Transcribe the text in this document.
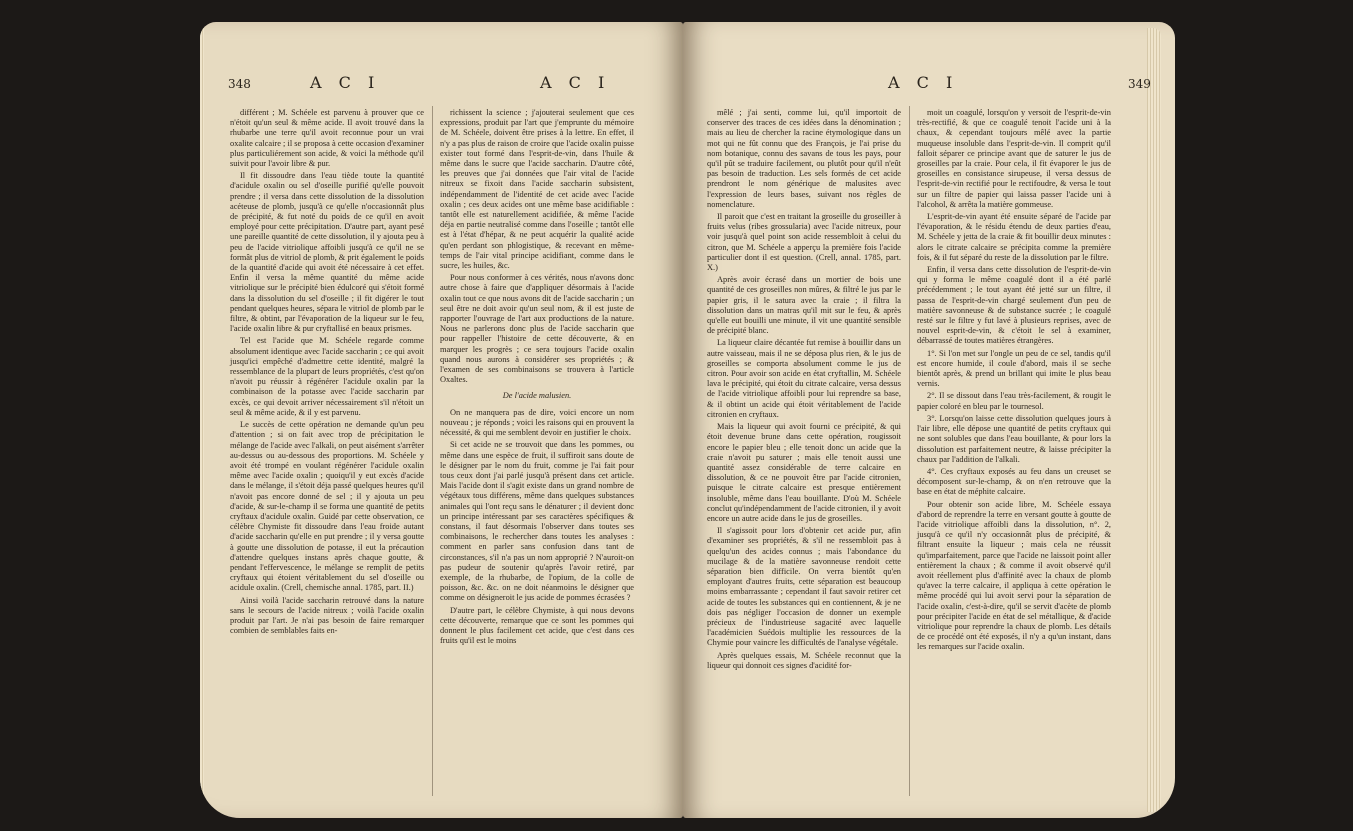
348	A C I	A C I

différent ; M. Schéele est parvenu à prouver que ce n'étoit qu'un seul & même acide. Il avoit trouvé dans la rhubarbe une terre qu'il avoit reconnue pour un vrai oxalite calcaire ; il se proposa à cette occasion d'examiner plus particuliérement son acide, & voici la méthode qu'il suivit pour l'avoir libre & pur.

Il fit dissoudre dans l'eau tiède toute la quantité d'acidule oxalin ou sel d'oseille purifié qu'elle pouvoit prendre ; il versa dans cette dissolution de la dissolution acéteuse de plomb, jusqu'à ce qu'elle n'occasionnât plus de précipité, & fut noté du poids de ce qu'il en avoit employé pour cette précipitation. D'autre part, ayant pesé une pareille quantité de cette dissolution, il y ajouta peu à peu de l'acide vitriolique affoibli jusqu'à ce qu'il ne se formât plus de vitriol de plomb, & prit également le poids de la quantité d'acide qui avoit été nécessaire à cet effet. Enfin il versa la même quantité du même acide vitriolique sur le précipité bien édulcoré qui s'étoit formé dans la dissolution du sel d'oseille ; il fit digérer le tout pendant quelques heures, sépara le vitriol de plomb par le filtre, & obtint, par l'évaporation de la liqueur sur le feu, l'acide oxalin libre & pur cryftallisé en beaux prismes.

Tel est l'acide que M. Schéele regarde comme absolument identique avec l'acide saccharin ; ce qui avoit jusqu'ici empêché d'admettre cette identité, malgré la ressemblance de la plupart de leurs propriétés, c'est qu'on n'avoit pu réussir à régénérer l'acidule oxalin par la combinaison de la potasse avec l'acide saccharin par excès, ce qui devoit arriver nécessairement s'il n'étoit un seul & même acide, & il y est parvenu.

Le succès de cette opération ne demande qu'un peu d'attention ; si on fait avec trop de précipitation le mélange de l'acide avec l'alkali, on peut aisément s'arrêter au-dessus ou au-dessous des proportions. M. Schéele y avoit été trompé en voulant régénérer l'acidule oxalin même avec l'acide oxalin ; quoiqu'il y eut excès d'acide dans le mélange, il s'étoit déja passé quelques heures qu'il n'avoit pas encore donné de sel ; il y ajouta un peu d'acide, & sur-le-champ il se forma une quantité de petits cryftaux d'acidule oxalin. Guidé par cette observation, ce célèbre Chymiste fit dissoudre dans l'eau froide autant d'acide saccharin qu'elle en put prendre ; il y versa goutte à goutte une dissolution de potasse, il eut la précaution d'attendre quelques instans après chaque goutte, & pendant l'effervescence, le mélange se remplit de petits cryftaux qui étoient véritablement du sel d'oseille ou acidule oxalin. (Crell, chemische annal. 1785, part. II.)

Ainsi voilà l'acide saccharin retrouvé dans la nature sans le secours de l'acide nitreux ; voilà l'acide oxalin produit par l'art. Je n'ai pas besoin de faire remarquer combien de semblables faits en-

richissent la science ; j'ajouterai seulement que ces expressions, produit par l'art que j'emprunte du mémoire de M. Schéele, doivent être prises à la lettre. En effet, il n'y a pas plus de raison de croire que l'acide oxalin puisse exister tout formé dans l'esprit-de-vin, dans l'huile & même dans le sucre que l'acide saccharin. D'autre côté, les preuves que j'ai données que l'air vital de l'acide nitreux se fixoit dans l'acide saccharin subsistent, indépendamment de l'identité de cet acide avec l'acide oxalin ; ces deux acides ont une même base acidifiable : tantôt elle est naturellement acidifiée, & même l'acide déja en partie neutralisé comme dans l'oseille ; tantôt elle est à l'état d'hépar, & ne peut acquérir la qualité acide qu'en perdant son phlogistique, & recevant en même-temps de l'air vital principe acidifiant, comme dans le sucre, les huiles, &c.

Pour nous conformer à ces vérités, nous n'avons donc autre chose à faire que d'appliquer désormais à l'acide oxalin tout ce que nous avons dit de l'acide saccharin ; un seul être ne doit avoir qu'un seul nom, & il est juste de rapporter l'ouvrage de l'art aux productions de la nature. Nous ne parlerons donc plus de l'acide saccharin que pour rappeller l'histoire de cette découverte, & en marquer les progrès ; ce sera toujours l'acide oxalin quand nous aurons à considérer ses propriétés ; & l'examen de ses combinaisons se trouvera à l'article Oxaltes.

De l'acide malusien.

On ne manquera pas de dire, voici encore un nom nouveau ; je réponds ; voici les raisons qui en prouvent la nécessité, & qui me semblent devoir en justifier le choix.

Si cet acide ne se trouvoit que dans les pommes, ou même dans une espèce de fruit, il suffiroit sans doute de le désigner par le nom du fruit, comme je l'ai fait pour tous ceux dont j'ai parlé jusqu'à présent dans cet article. Mais l'acide dont il s'agit existe dans un grand nombre de végétaux tous différens, même dans quelques substances animales qui l'ont reçu sans le dénaturer ; il devient donc un principe intéressant par ses caractères spécifiques & constans, il faut désormais l'observer dans toutes ses combinaisons, le rechercher dans toutes les analyses : comment en parler sans confusion dans tant de circonstances, s'il n'a pas un nom approprié ? N'auroit-on pas pudeur de soutenir qu'après l'avoir retiré, par exemple, de la rhubarbe, de l'opium, de la colle de poisson, &c. &c. on ne doit néanmoins le désigner que comme on désigneroit le jus acide de pommes écrasées ?

D'autre part, le célèbre Chymiste, à qui nous devons cette découverte, remarque que ce sont les pommes qui donnent le plus facilement cet acide, que c'est dans ces fruits qu'il est le moins

A C I	349

mêlé ; j'ai senti, comme lui, qu'il importoit de conserver des traces de ces idées dans la dénomination ; mais au lieu de chercher la racine étymologique dans un mot qui ne fût connu que des François, je l'ai prise du nom botanique, connu des savans de tous les pays, pour qu'il pût se traduire facilement, ou plutôt pour qu'il n'eût pas besoin de traduction. Les sels formés de cet acide prendront le nom générique de malusites avec l'expression de leurs bases, suivant nos règles de nomenclature.

Il paroit que c'est en traitant la groseille du groseiller à fruits velus (ribes grossularia) avec l'acide nitreux, pour voir jusqu'à quel point son acide ressembloit à celui du citron, que M. Schéele a apperçu la première fois l'acide particulier dont il est question. (Crell, annal. 1785, part. X.)

Après avoir écrasé dans un mortier de bois une quantité de ces groseilles non mûres, & filtré le jus par le papier gris, il le satura avec la craie ; il filtra la dissolution dans un matras qu'il mit sur le feu, & après qu'elle eut bouilli une minute, il vit une quantité sensible de précipité blanc.

La liqueur claire décantée fut remise à bouillir dans un autre vaisseau, mais il ne se déposa plus rien, & le jus de groseilles se comporta absolument comme le jus de citron. Pour avoir son acide en état cryftallin, M. Schéele lava le précipité, qui étoit du citrate calcaire, versa dessus de l'acide vitriolique affoibli pour lui reprendre sa base, & il obtint un acide qui étoit véritablement de l'acide citronien en cryftaux.

Mais la liqueur qui avoit fourni ce précipité, & qui étoit devenue brune dans cette opération, rougissoit encore le papier bleu ; elle tenoit donc un acide que la craie n'avoit pu saturer ; mais elle tenoit aussi une quantité assez considérable de terre calcaire en dissolution, & ce ne pouvoit être par l'acide citronien, puisque le citrate calcaire est presque entièrement insoluble, même dans l'eau bouillante. D'où M. Schéele conclut qu'indépendamment de l'acide citronien, il y avoit encore un autre acide dans le jus de groseilles.

Il s'agissoit pour lors d'obtenir cet acide pur, afin d'examiner ses propriétés, & s'il ne ressembloit pas à quelqu'un des acides connus ; mais l'abondance du mucilage & de la matière savonneuse rendoit cette séparation bien difficile. On verra bientôt qu'en employant d'autres fruits, cette séparation est beaucoup moins embarrassante ; cependant il faut savoir retirer cet acide de toutes les substances qui en contiennent, & je ne dois pas négliger l'occasion de donner un exemple précieux de l'industrieuse sagacité avec laquelle l'académicien Suédois multiplie les ressources de la Chymie pour vaincre les difficultés de l'analyse végétale.

Après quelques essais, M. Schéele reconnut que la liqueur qui donnoit ces signes d'acidité for-

moit un coagulé, lorsqu'on y versoit de l'esprit-de-vin très-rectifié, & que ce coagulé tenoit l'acide uni à la chaux, & cependant toujours mêlé avec la partie muqueuse insoluble dans l'esprit-de-vin. Il comprit qu'il falloit séparer ce principe avant que de saturer le jus de groseilles par la craie. Pour cela, il fit évaporer le jus de groseilles en consistance sirupeuse, il versa dessus de l'esprit-de-vin rectifié pour le rectifoudre, & versa le tout sur un filtre de papier qui laissa passer l'acide uni à l'alcohol, & arrêta la matière gommeuse.

L'esprit-de-vin ayant été ensuite séparé de l'acide par l'évaporation, & le résidu étendu de deux parties d'eau, M. Schéele y jetta de la craie & fit bouillir deux minutes : alors le citrate calcaire se précipita comme la première fois, & il fut séparé du reste de la dissolution par le filtre.

Enfin, il versa dans cette dissolution de l'esprit-de-vin qui y forma le même coagulé dont il a été parlé précédemment ; le tout ayant été jetté sur un filtre, il passa de l'esprit-de-vin chargé seulement d'un peu de matière savonneuse & de substance sucrée ; le coagulé resté sur le filtre y fut lavé à plusieurs reprises, avec de nouvel esprit-de-vin, & c'étoit le sel à examiner, débarrassé de toutes matières étrangères.

1°. Si l'on met sur l'ongle un peu de ce sel, tandis qu'il est encore humide, il coule d'abord, mais il se seche bientôt après, & prend un brillant qui imite le plus beau vernis.

2°. Il se dissout dans l'eau très-facilement, & rougit le papier coloré en bleu par le tournesol.

3°. Lorsqu'on laisse cette dissolution quelques jours à l'air libre, elle dépose une quantité de petits cryftaux qui ne sont solubles que dans l'eau bouillante, & pour lors la dissolution est parfaitement neutre, & laisse précipiter la chaux par l'addition de l'alkali.

4°. Ces cryftaux exposés au feu dans un creuset se décomposent sur-le-champ, & on n'en retrouve que la base en état de méphite calcaire.

Pour obtenir son acide libre, M. Schéele essaya d'abord de reprendre la terre en versant goutte à goutte de l'acide vitriolique affoibli dans la dissolution, n°. 2, jusqu'à ce qu'il n'y occasionnât plus de précipité, & filtrant ensuite la liqueur ; mais cela ne réussit qu'imparfaitement, parce que l'acide ne laissoit point aller entièrement la chaux ; & comme il avoit observé qu'il avoit réellement plus d'affinité avec la chaux de plomb qu'avec la terre calcaire, il appliqua à cette opération le même procédé qui lui avoit servi pour la séparation de l'acide oxalin, c'est-à-dire, qu'il se servit d'acète de plomb pour précipiter l'acide en état de sel métallique, & d'acide vitriolique pour reprendre la chaux de plomb. Les détails de ce procédé ont été exposés, il n'y a qu'un instant, dans les remarques sur l'acide oxalin.
